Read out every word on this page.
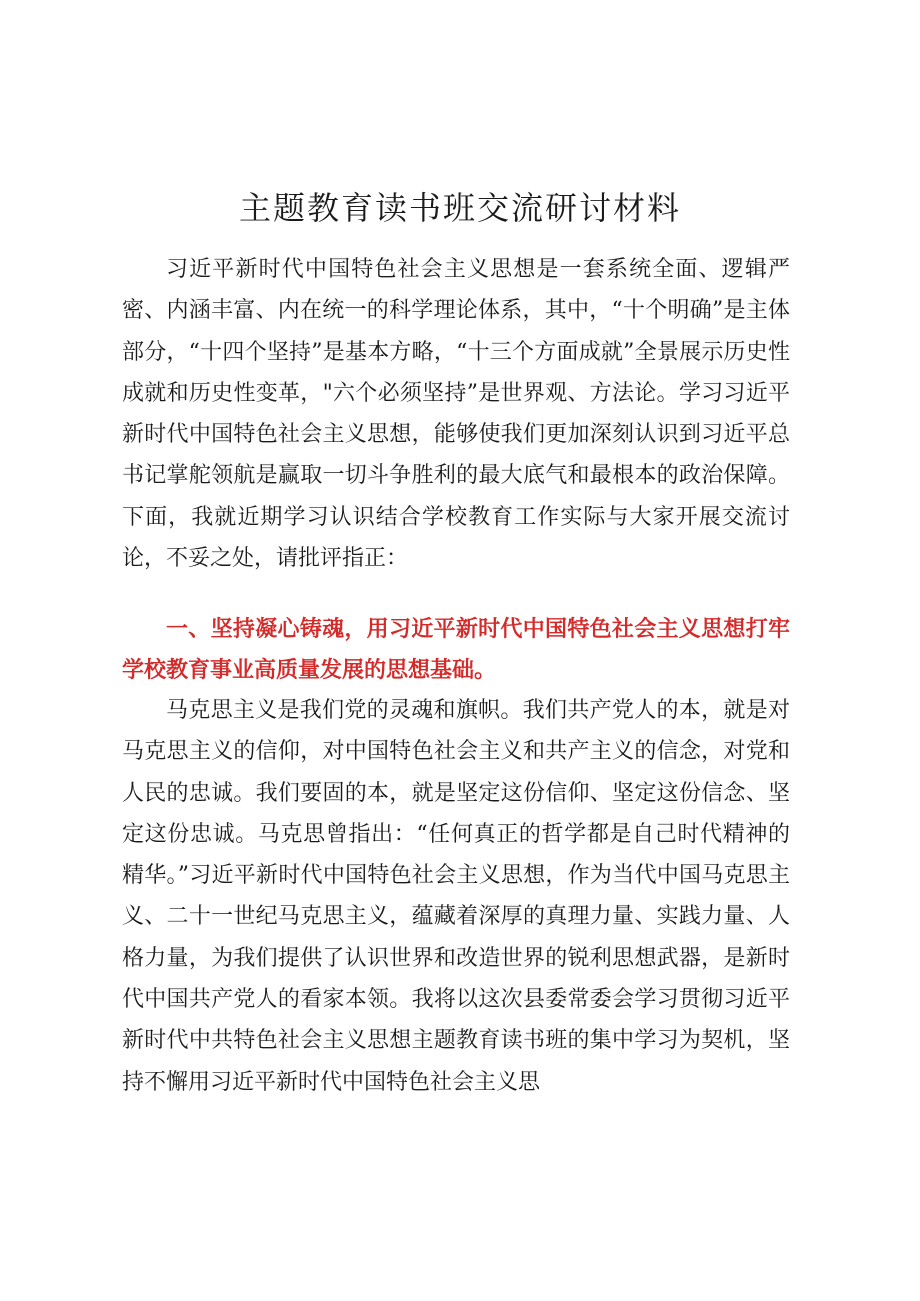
主题教育读书班交流研讨材料

习近平新时代中国特色社会主义思想是一套系统全面、逻辑严密、内涵丰富、内在统一的科学理论体系，其中，“十个明确”是主体部分，“十四个坚持”是基本方略，“十三个方面成就”全景展示历史性成就和历史性变革，"六个必须坚持”是世界观、方法论。学习习近平新时代中国特色社会主义思想，能够使我们更加深刻认识到习近平总书记掌舵领航是赢取一切斗争胜利的最大底气和最根本的政治保障。下面，我就近期学习认识结合学校教育工作实际与大家开展交流讨论，不妥之处，请批评指正：

一、坚持凝心铸魂，用习近平新时代中国特色社会主义思想打牢学校教育事业高质量发展的思想基础。

马克思主义是我们党的灵魂和旗帜。我们共产党人的本，就是对马克思主义的信仰，对中国特色社会主义和共产主义的信念，对党和人民的忠诚。我们要固的本，就是坚定这份信仰、坚定这份信念、坚定这份忠诚。马克思曾指出：“任何真正的哲学都是自己时代精神的精华。”习近平新时代中国特色社会主义思想，作为当代中国马克思主义、二十一世纪马克思主义，蕴藏着深厚的真理力量、实践力量、人格力量，为我们提供了认识世界和改造世界的锐利思想武器，是新时代中国共产党人的看家本领。我将以这次县委常委会学习贯彻习近平新时代中共特色社会主义思想主题教育读书班的集中学习为契机，坚持不懈用习近平新时代中国特色社会主义思
